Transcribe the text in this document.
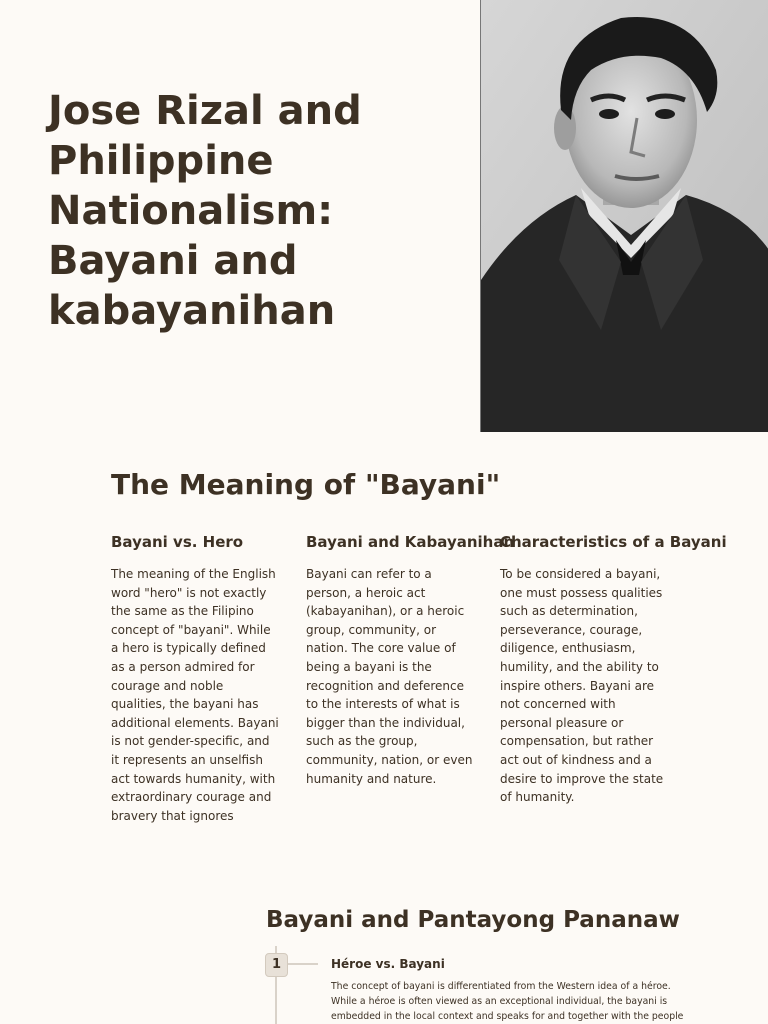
Jose Rizal and Philippine Nationalism: Bayani and kabayanihan
The Meaning of "Bayani"
Bayani vs. Hero

The meaning of the English word "hero" is not exactly the same as the Filipino concept of "bayani". While a hero is typically defined as a person admired for courage and noble qualities, the bayani has additional elements. Bayani is not gender-specific, and it represents an unselfish act towards humanity, with extraordinary courage and bravery that ignores

Bayani and Kabayanihan

Bayani can refer to a person, a heroic act (kabayanihan), or a heroic group, community, or nation. The core value of being a bayani is the recognition and deference to the interests of what is bigger than the individual, such as the group, community, nation, or even humanity and nature.

Characteristics of a Bayani

To be considered a bayani, one must possess qualities such as determination, perseverance, courage, diligence, enthusiasm, humility, and the ability to inspire others. Bayani are not concerned with personal pleasure or compensation, but rather act out of kindness and a desire to improve the state of humanity.

Bayani and Pantayong Pananaw
1	Héroe vs. Bayani

The concept of bayani is differentiated from the Western idea of a héroe. While a héroe is often viewed as an exceptional individual, the bayani is embedded in the local context and speaks for and together with the people
